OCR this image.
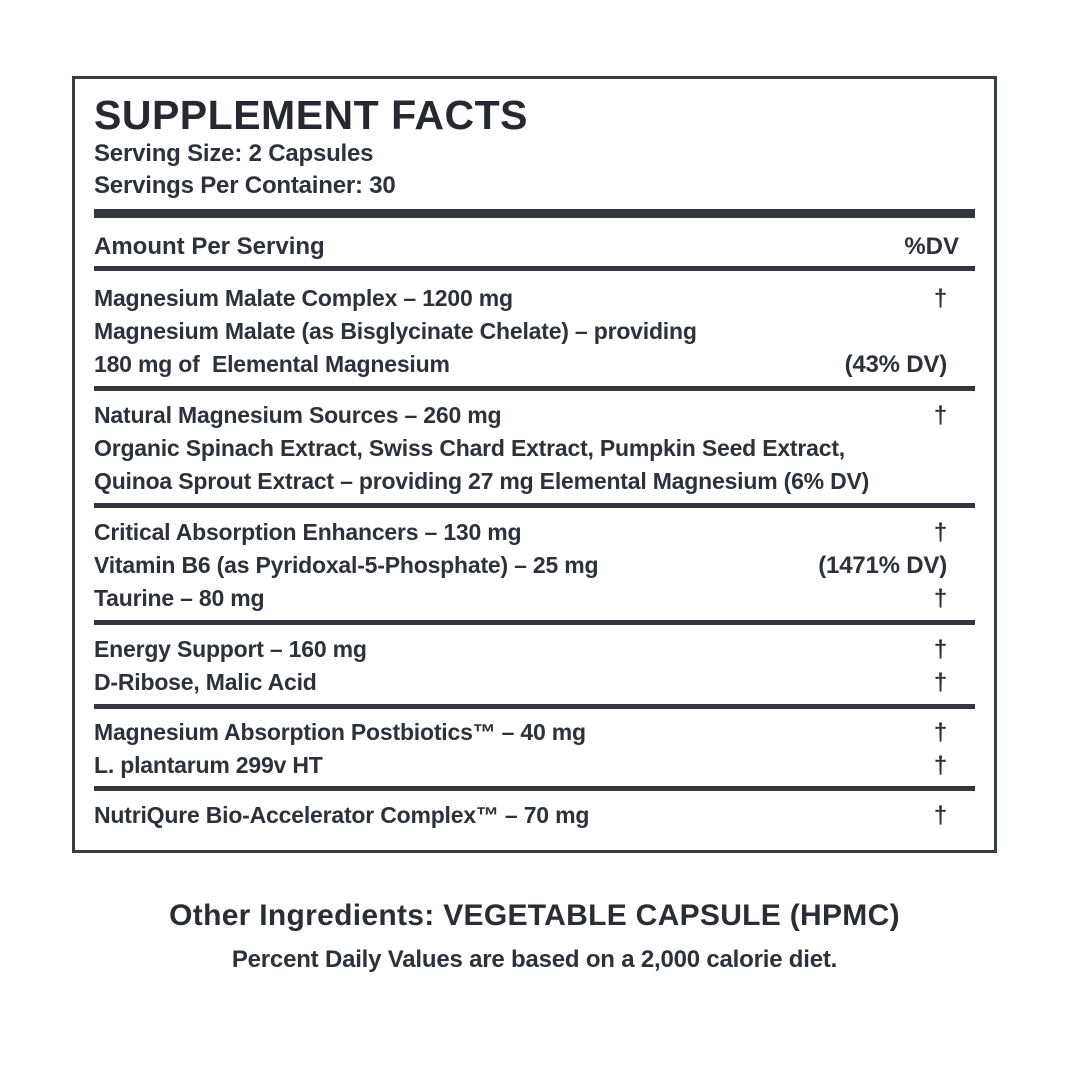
SUPPLEMENT FACTS
Serving Size: 2 Capsules
Servings Per Container: 30
Amount Per Serving	%DV
Magnesium Malate Complex – 1200 mg	†
Magnesium Malate (as Bisglycinate Chelate) – providing
180 mg of  Elemental Magnesium	(43% DV)
Natural Magnesium Sources – 260 mg	†
Organic Spinach Extract, Swiss Chard Extract, Pumpkin Seed Extract,
Quinoa Sprout Extract – providing 27 mg Elemental Magnesium (6% DV)
Critical Absorption Enhancers – 130 mg	†
Vitamin B6 (as Pyridoxal-5-Phosphate) – 25 mg	(1471% DV)
Taurine – 80 mg	†
Energy Support – 160 mg	†
D-Ribose, Malic Acid	†
Magnesium Absorption Postbiotics™ – 40 mg	†
L. plantarum 299v HT	†
NutriQure Bio-Accelerator Complex™ – 70 mg	†
Other Ingredients: VEGETABLE CAPSULE (HPMC)
Percent Daily Values are based on a 2,000 calorie diet.
